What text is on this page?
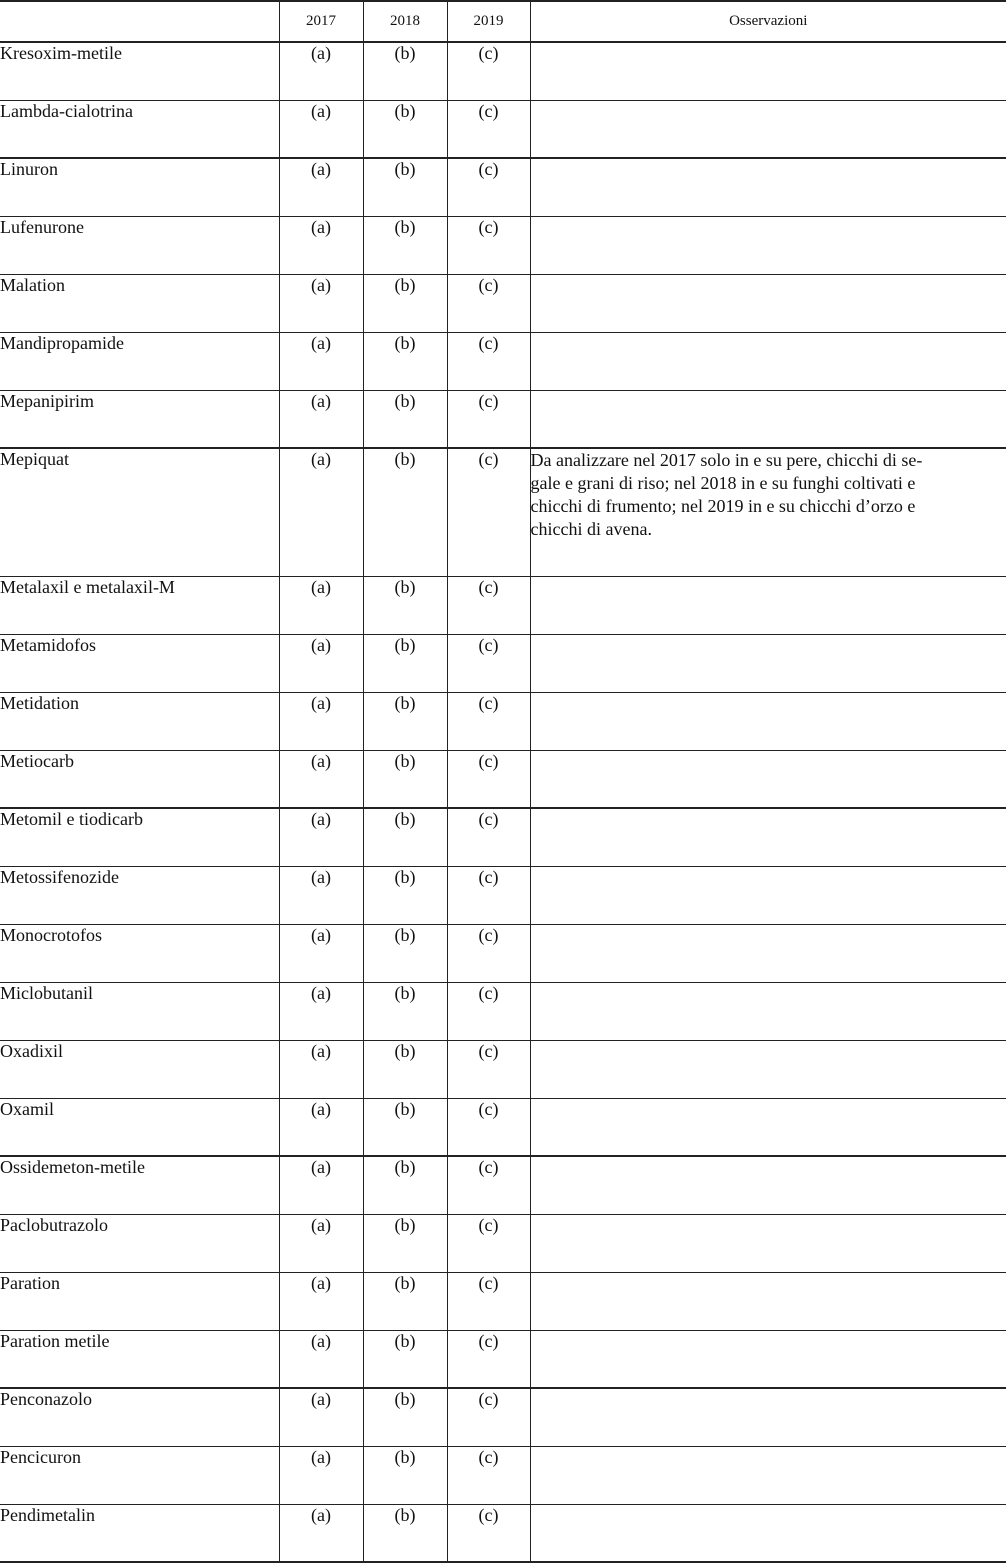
	2017	2018	2019	Osservazioni
Kresoxim-metile	(a)	(b)	(c)	
Lambda-cialotrina	(a)	(b)	(c)	
Linuron	(a)	(b)	(c)	
Lufenurone	(a)	(b)	(c)	
Malation	(a)	(b)	(c)	
Mandipropamide	(a)	(b)	(c)	
Mepanipirim	(a)	(b)	(c)	
Mepiquat	(a)	(b)	(c)	Da analizzare nel 2017 solo in e su pere, chicchi di se-
gale e grani di riso; nel 2018 in e su funghi coltivati e
chicchi di frumento; nel 2019 in e su chicchi d’orzo e
chicchi di avena.

Metalaxil e metalaxil-M	(a)	(b)	(c)	
Metamidofos	(a)	(b)	(c)	
Metidation	(a)	(b)	(c)	
Metiocarb	(a)	(b)	(c)	
Metomil e tiodicarb	(a)	(b)	(c)	
Metossifenozide	(a)	(b)	(c)	
Monocrotofos	(a)	(b)	(c)	
Miclobutanil	(a)	(b)	(c)	
Oxadixil	(a)	(b)	(c)	
Oxamil	(a)	(b)	(c)	
Ossidemeton-metile	(a)	(b)	(c)	
Paclobutrazolo	(a)	(b)	(c)	
Paration	(a)	(b)	(c)	
Paration metile	(a)	(b)	(c)	
Penconazolo	(a)	(b)	(c)	
Pencicuron	(a)	(b)	(c)	
Pendimetalin	(a)	(b)	(c)	
